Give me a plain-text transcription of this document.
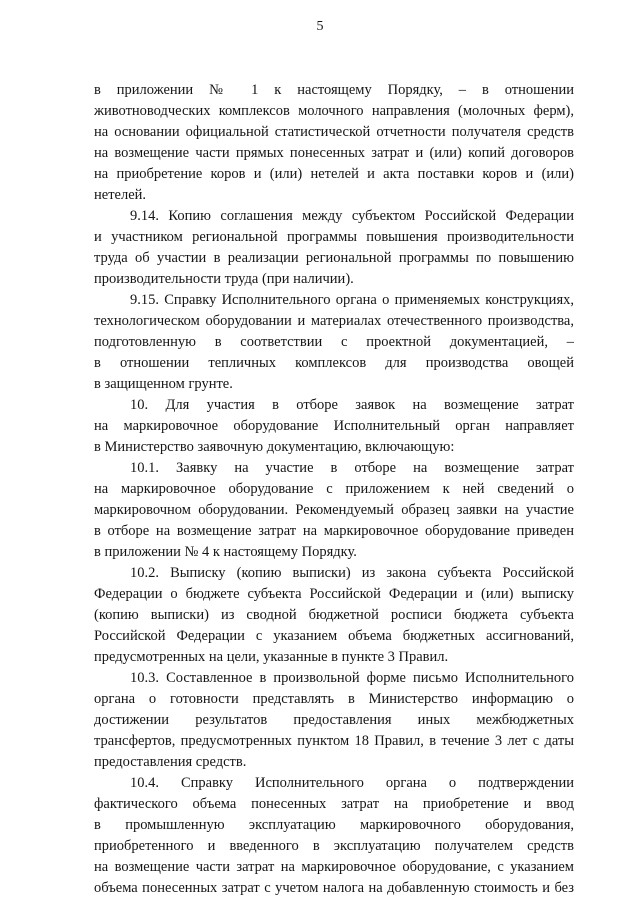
5
в приложении № 1 к настоящему Порядку, – в отношении
животноводческих комплексов молочного направления (молочных ферм),
на основании официальной статистической отчетности получателя средств
на возмещение части прямых понесенных затрат и (или) копий договоров
на приобретение коров и (или) нетелей и акта поставки коров и (или)
нетелей.
9.14. Копию соглашения между субъектом Российской Федерации
и участником региональной программы повышения производительности
труда об участии в реализации региональной программы по повышению
производительности труда (при наличии).
9.15. Справку Исполнительного органа о применяемых конструкциях,
технологическом оборудовании и материалах отечественного производства,
подготовленную в соответствии с проектной документацией, –
в отношении тепличных комплексов для производства овощей
в защищенном грунте.
10. Для участия в отборе заявок на возмещение затрат
на маркировочное оборудование Исполнительный орган направляет
в Министерство заявочную документацию, включающую:
10.1. Заявку на участие в отборе на возмещение затрат
на маркировочное оборудование с приложением к ней сведений о
маркировочном оборудовании. Рекомендуемый образец заявки на участие
в отборе на возмещение затрат на маркировочное оборудование приведен
в приложении № 4 к настоящему Порядку.
10.2. Выписку (копию выписки) из закона субъекта Российской
Федерации о бюджете субъекта Российской Федерации и (или) выписку
(копию выписки) из сводной бюджетной росписи бюджета субъекта
Российской Федерации с указанием объема бюджетных ассигнований,
предусмотренных на цели, указанные в пункте 3 Правил.
10.3. Составленное в произвольной форме письмо Исполнительного
органа о готовности представлять в Министерство информацию о
достижении результатов предоставления иных межбюджетных
трансфертов, предусмотренных пунктом 18 Правил, в течение 3 лет с даты
предоставления средств.
10.4. Справку Исполнительного органа о подтверждении
фактического объема понесенных затрат на приобретение и ввод
в промышленную эксплуатацию маркировочного оборудования,
приобретенного и введенного в эксплуатацию получателем средств
на возмещение части затрат на маркировочное оборудование, с указанием
объема понесенных затрат с учетом налога на добавленную стоимость и без
